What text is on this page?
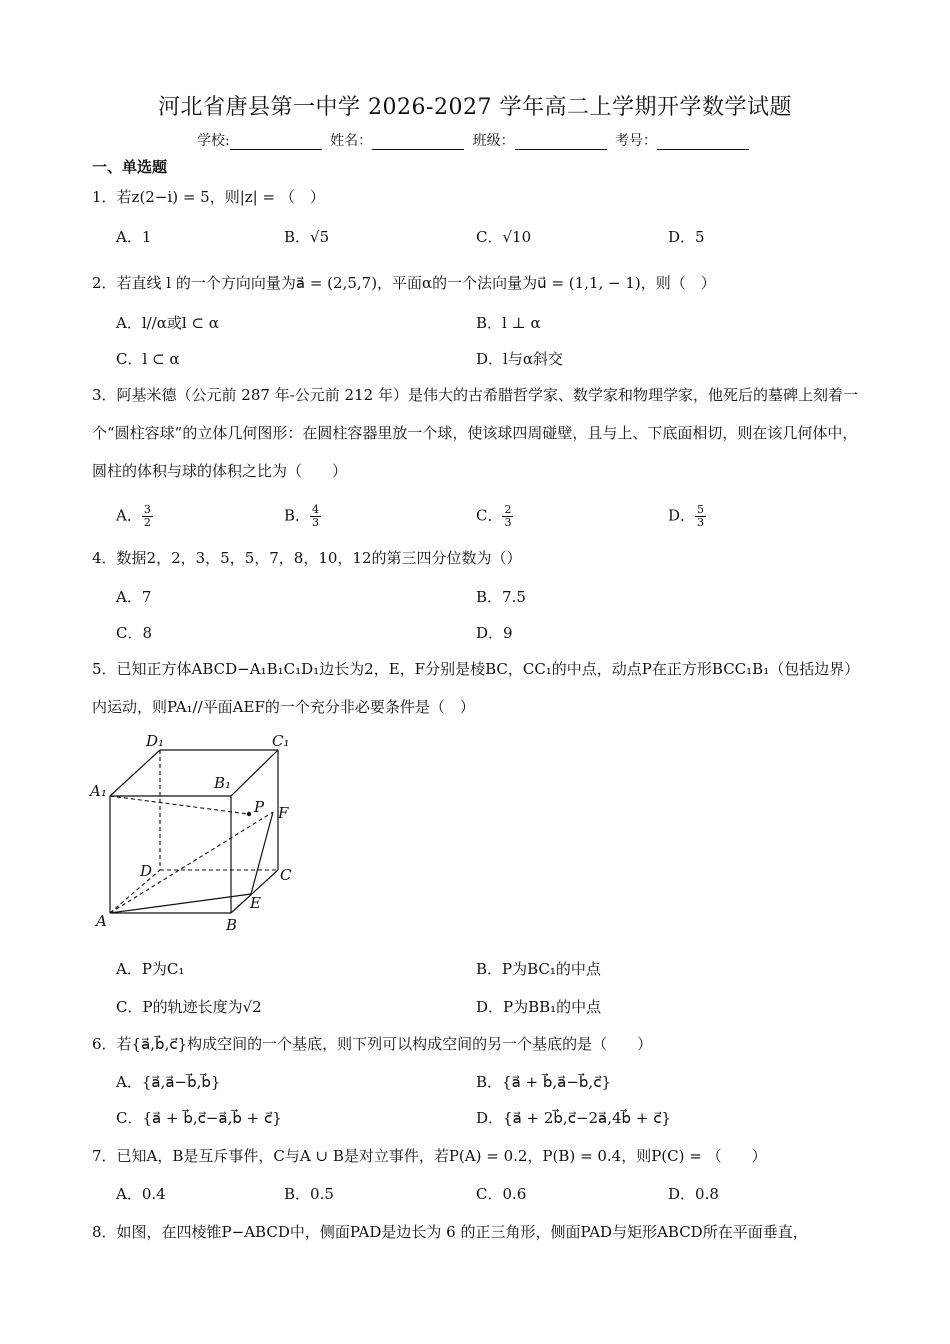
河北省唐县第一中学 2026-2027 学年高二上学期开学数学试题
学校:	姓名：	班级：	考号：
一、单选题
1．若z(2−i) = 5，则|z| = （　）
A．1	B．√5	C．√10	D．5
2．若直线 l 的一个方向向量为a⃗ = (2,5,7)，平面α的一个法向量为u⃗ = (1,1, − 1)，则（　）
A．l//α或l ⊂ α	B．l ⊥ α
C．l ⊂ α	D．l与α斜交
3．阿基米德（公元前 287 年-公元前 212 年）是伟大的古希腊哲学家、数学家和物理学家，他死后的墓碑上刻着一个“圆柱容球”的立体几何图形：在圆柱容器里放一个球，使该球四周碰壁，且与上、下底面相切，则在该几何体中，圆柱的体积与球的体积之比为（　　）
A． $\frac{3}{2}$	B． $\frac{4}{3}$	C． $\frac{2}{3}$	D． $\frac{5}{3}$
4．数据2，2，3，5，5，7，8，10，12的第三四分位数为（）
A．7	B．7.5
C．8	D．9
5．已知正方体ABCD−A₁B₁C₁D₁边长为2，E，F分别是棱BC，CC₁的中点，动点P在正方形BCC₁B₁（包括边界）内运动，则PA₁//平面AEF的一个充分非必要条件是（　）
D₁	C₁
A₁	B₁
P F
D	C
E
A	B
A．P为C₁	B．P为BC₁的中点
C．P的轨迹长度为√2	D．P为BB₁的中点
6．若{a⃗,b⃗,c⃗}构成空间的一个基底，则下列可以构成空间的另一个基底的是（　　）
A．{a⃗,a⃗−b⃗,b⃗}	B．{a⃗ + b⃗,a⃗−b⃗,c⃗}
C．{a⃗ + b⃗,c⃗−a⃗,b⃗ + c⃗}	D．{a⃗ + 2b⃗,c⃗−2a⃗,4b⃗ + c⃗}
7．已知A，B是互斥事件，C与A ∪ B是对立事件，若P(A) = 0.2，P(B) = 0.4，则P(C) = （　　）
A．0.4	B．0.5	C．0.6	D．0.8
8．如图，在四棱锥P−ABCD中，侧面PAD是边长为 6 的正三角形，侧面PAD与矩形ABCD所在平面垂直，
